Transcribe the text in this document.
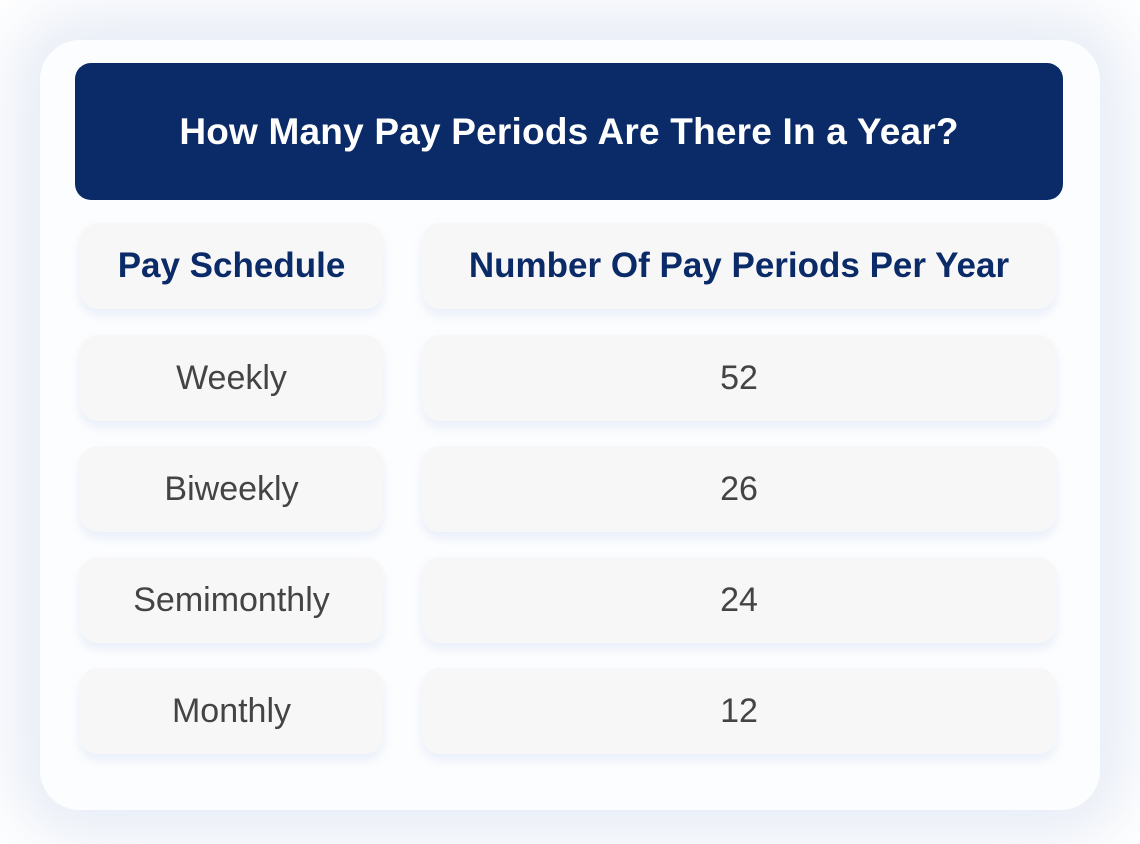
How Many Pay Periods Are There In a Year?
Pay Schedule	Number Of Pay Periods Per Year
Weekly	52
Biweekly	26
Semimonthly	24
Monthly	12
